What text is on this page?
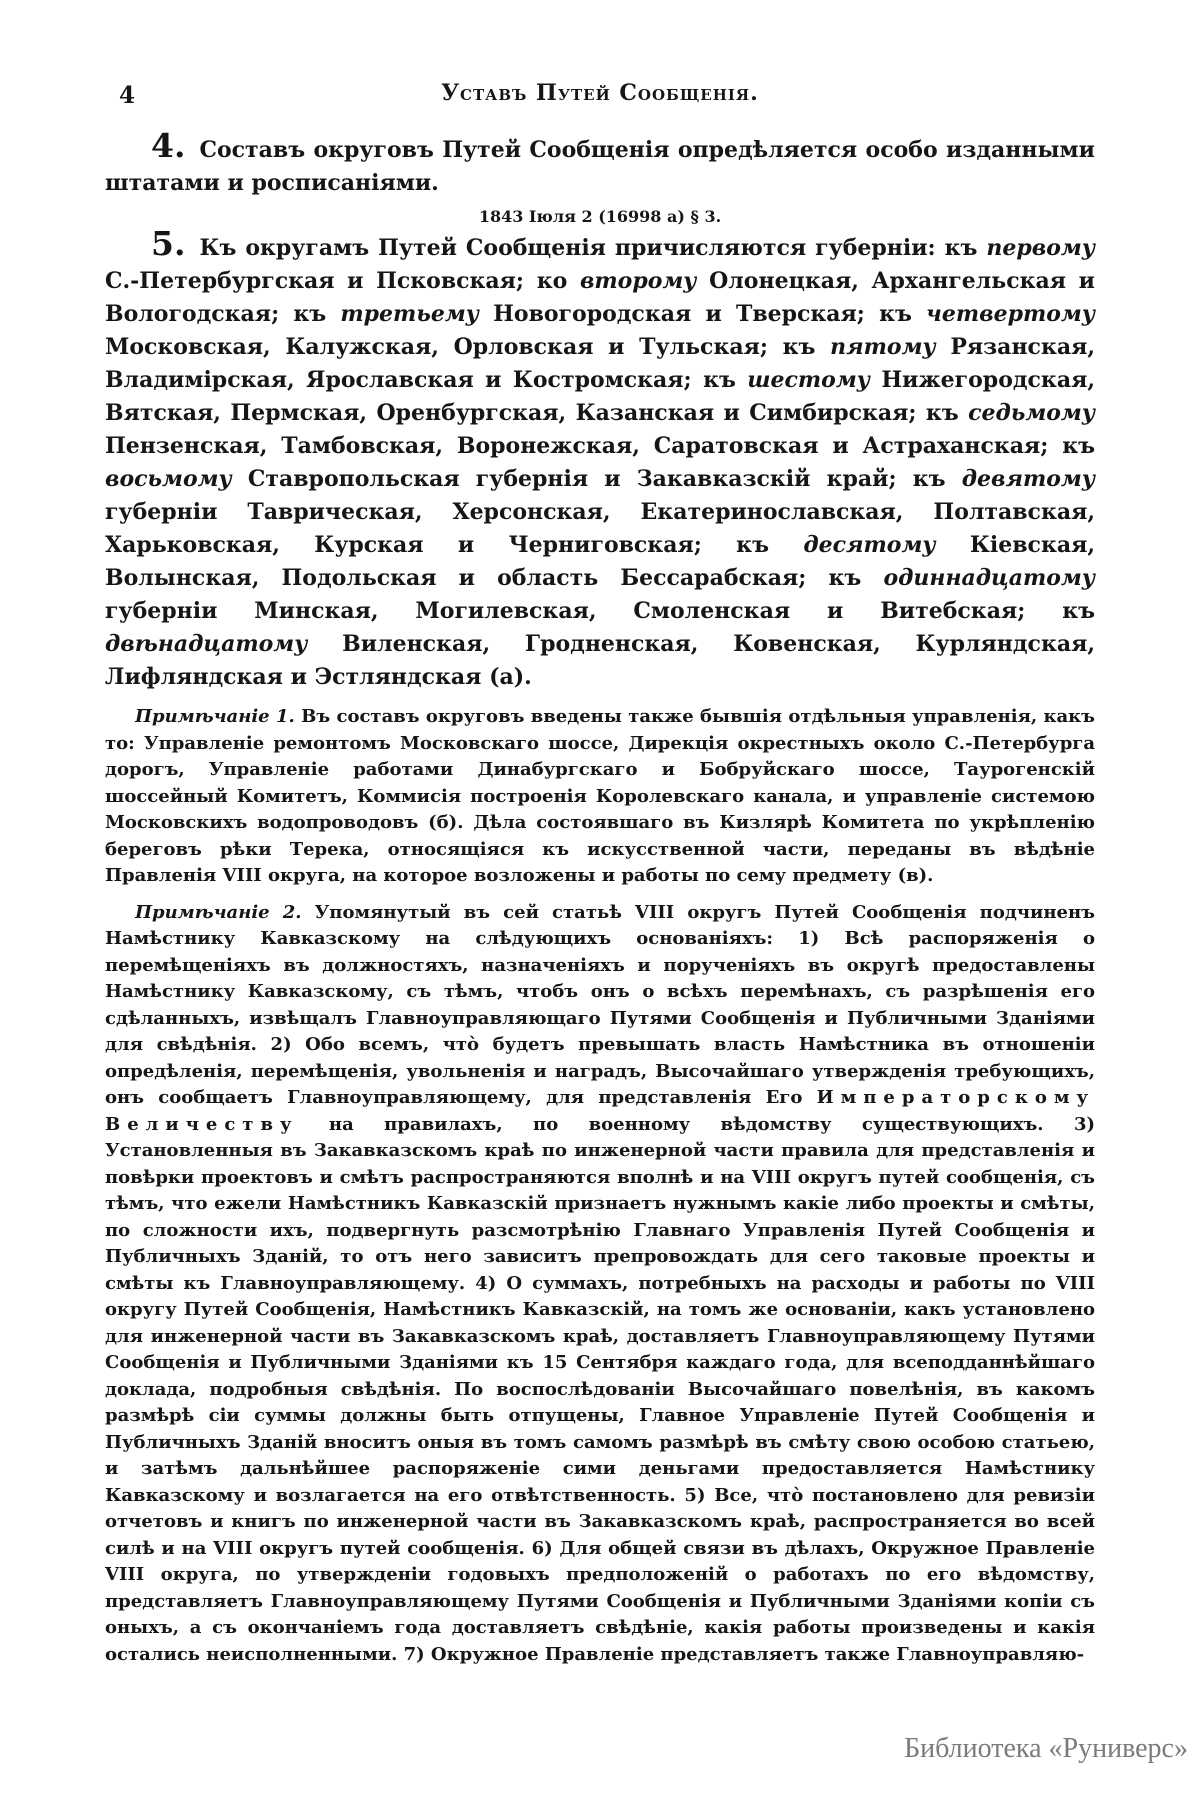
4	Уставъ Путей Сообщенія.

4. Составъ округовъ Путей Сообщенія опредѣляется особо изданными штатами и росписаніями.

1843 Іюля 2 (16998 а) § 3.

5. Къ округамъ Путей Сообщенія причисляются губерніи: къ первому С.-Петербургская и Псковская; ко второму Олонецкая, Архангельская и Вологодская; къ третьему Новогородская и Тверская; къ четвертому Московская, Калужская, Орловская и Тульская; къ пятому Рязанская, Владимірская, Ярославская и Костромская; къ шестому Нижегородская, Вятская, Пермская, Оренбургская, Казанская и Симбирская; къ седьмому Пензенская, Тамбовская, Воронежская, Саратовская и Астраханская; къ восьмому Ставропольская губернія и Закавказскій край; къ девятому губерніи Таврическая, Херсонская, Екатеринославская, Полтавская, Харьковская, Курская и Черниговская; къ десятому Кіевская, Волынская, Подольская и область Бессарабская; къ одиннадцатому губерніи Минская, Могилевская, Смоленская и Витебская; къ двѣнадцатому Виленская, Гродненская, Ковенская, Курляндская, Лифляндская и Эстляндская (а).

Примѣчаніе 1. Въ составъ округовъ введены также бывшія отдѣльныя управленія, какъ то: Управленіе ремонтомъ Московскаго шоссе, Дирекція окрестныхъ около С.-Петербурга дорогъ, Управленіе работами Динабургскаго и Бобруйскаго шоссе, Таурогенскій шоссейный Комитетъ, Коммисія построенія Королевскаго канала, и управленіе системою Московскихъ водопроводовъ (б). Дѣла состоявшаго въ Кизлярѣ Комитета по укрѣпленію береговъ рѣки Терека, относящіяся къ искусственной части, переданы въ вѣдѣніе Правленія VIII округа, на которое возложены и работы по сему предмету (в).

Примѣчаніе 2. Упомянутый въ сей статьѣ VIII округъ Путей Сообщенія подчиненъ Намѣстнику Кавказскому на слѣдующихъ основаніяхъ: 1) Всѣ распоряженія о перемѣщеніяхъ въ должностяхъ, назначеніяхъ и порученіяхъ въ округѣ предоставлены Намѣстнику Кавказскому, съ тѣмъ, чтобъ онъ о всѣхъ перемѣнахъ, съ разрѣшенія его сдѣланныхъ, извѣщалъ Главноуправляющаго Путями Сообщенія и Публичными Зданіями для свѣдѣнія. 2) Обо всемъ, что̀ будетъ превышать власть Намѣстника въ отношеніи опредѣленія, перемѣщенія, увольненія и наградъ, Высочайшаго утвержденія требующихъ, онъ сообщаетъ Главноуправляющему, для представленія Его Императорскому Величеству на правилахъ, по военному вѣдомству существующихъ. 3) Установленныя въ Закавказскомъ краѣ по инженерной части правила для представленія и повѣрки проектовъ и смѣтъ распространяются вполнѣ и на VIII округъ путей сообщенія, съ тѣмъ, что ежели Намѣстникъ Кавказскій признаетъ нужнымъ какіе либо проекты и смѣты, по сложности ихъ, подвергнуть разсмотрѣнію Главнаго Управленія Путей Сообщенія и Публичныхъ Зданій, то отъ него зависитъ препровождать для сего таковые проекты и смѣты къ Главноуправляющему. 4) О суммахъ, потребныхъ на расходы и работы по VIII округу Путей Сообщенія, Намѣстникъ Кавказскій, на томъ же основаніи, какъ установлено для инженерной части въ Закавказскомъ краѣ, доставляетъ Главноуправляющему Путями Сообщенія и Публичными Зданіями къ 15 Сентября каждаго года, для всеподданнѣйшаго доклада, подробныя свѣдѣнія. По воспослѣдованіи Высочайшаго повелѣнія, въ какомъ размѣрѣ сіи суммы должны быть отпущены, Главное Управленіе Путей Сообщенія и Публичныхъ Зданій вноситъ оныя въ томъ самомъ размѣрѣ въ смѣту свою особою статьею, и затѣмъ дальнѣйшее распоряженіе сими деньгами предоставляется Намѣстнику Кавказскому и возлагается на его отвѣтственность. 5) Все, что̀ постановлено для ревизіи отчетовъ и книгъ по инженерной части въ Закавказскомъ краѣ, распространяется во всей силѣ и на VIII округъ путей сообщенія. 6) Для общей связи въ дѣлахъ, Окружное Правленіе VIII округа, по утвержденіи годовыхъ предположеній о работахъ по его вѣдомству, представляетъ Главноуправляющему Путями Сообщенія и Публичными Зданіями копіи съ оныхъ, а съ окончаніемъ года доставляетъ свѣдѣніе, какія работы произведены и какія остались неисполненными. 7) Окружное Правленіе представляетъ также Главноуправляю-

Библиотека «Руниверс»
